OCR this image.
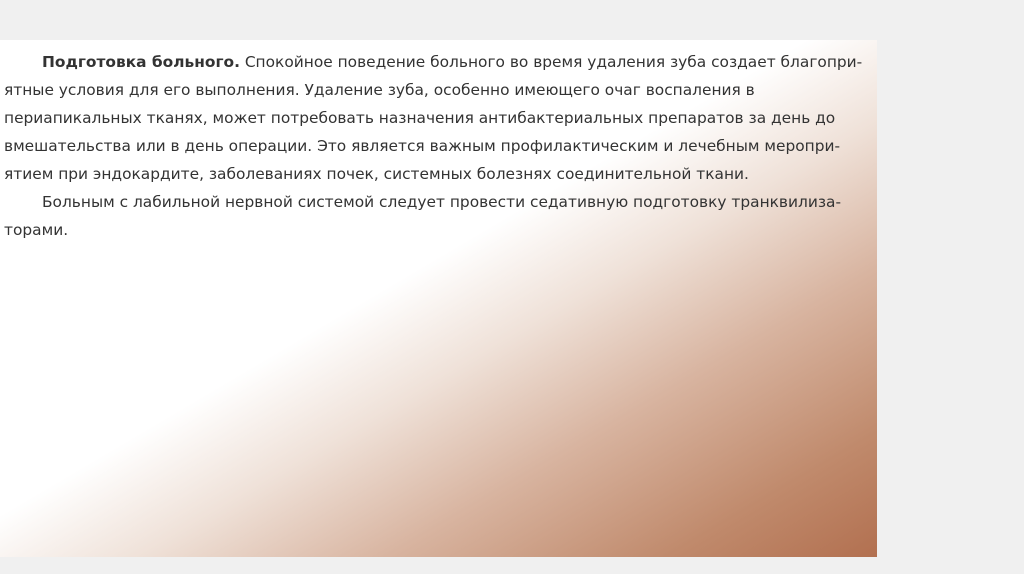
Подготовка больного. Спокойное поведение больного во время удаления зуба создает благопри-
ятные условия для его выполнения. Удаление зуба, особенно имеющего очаг воспаления в
периапикальных тканях, может потребовать назначения антибактериальных препаратов за день до
вмешательства или в день операции. Это является важным профилактическим и лечебным меропри-
ятием при эндокардите, заболеваниях почек, системных болезнях соединительной ткани.
Больным с лабильной нервной системой следует провести седативную подготовку транквилиза-
торами.
